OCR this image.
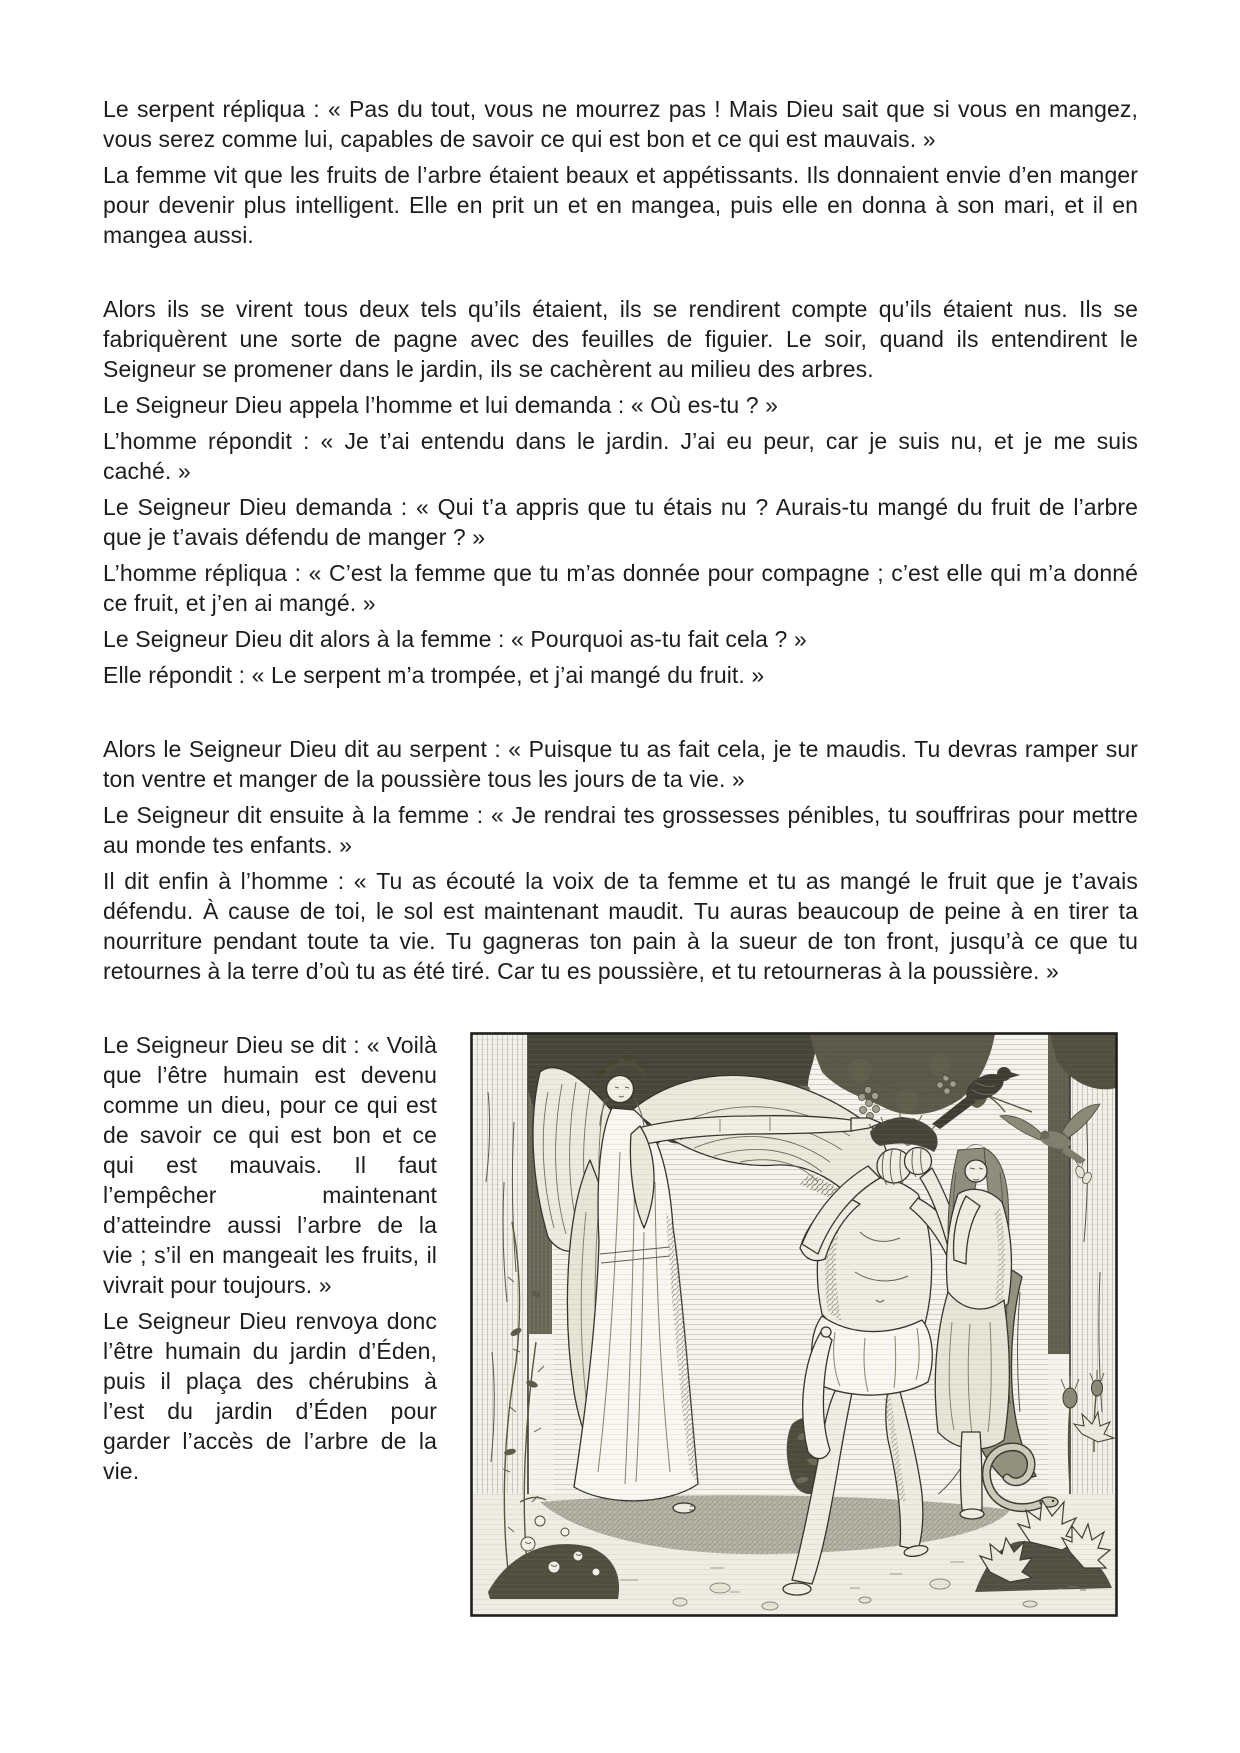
Le serpent répliqua : « Pas du tout, vous ne mourrez pas ! Mais Dieu sait que si vous en mangez, vous serez comme lui, capables de savoir ce qui est bon et ce qui est mauvais. »

La femme vit que les fruits de l’arbre étaient beaux et appétissants. Ils donnaient envie d’en manger pour devenir plus intelligent. Elle en prit un et en mangea, puis elle en donna à son mari, et il en mangea aussi.

Alors ils se virent tous deux tels qu’ils étaient, ils se rendirent compte qu’ils étaient nus. Ils se fabriquèrent une sorte de pagne avec des feuilles de figuier. Le soir, quand ils entendirent le Seigneur se promener dans le jardin, ils se cachèrent au milieu des arbres.

Le Seigneur Dieu appela l’homme et lui demanda : « Où es-tu ? »

L’homme répondit : « Je t’ai entendu dans le jardin. J’ai eu peur, car je suis nu, et je me suis caché. »

Le Seigneur Dieu demanda : « Qui t’a appris que tu étais nu ? Aurais-tu mangé du fruit de l’arbre que je t’avais défendu de manger ? »

L’homme répliqua : « C’est la femme que tu m’as donnée pour compagne ; c’est elle qui m’a donné ce fruit, et j’en ai mangé. »

Le Seigneur Dieu dit alors à la femme : « Pourquoi as-tu fait cela ? »

Elle répondit : « Le serpent m’a trompée, et j’ai mangé du fruit. »

Alors le Seigneur Dieu dit au serpent : « Puisque tu as fait cela, je te maudis. Tu devras ramper sur ton ventre et manger de la poussière tous les jours de ta vie. »

Le Seigneur dit ensuite à la femme : « Je rendrai tes grossesses pénibles, tu souffriras pour mettre au monde tes enfants. »

Il dit enfin à l’homme : « Tu as écouté la voix de ta femme et tu as mangé le fruit que je t’avais défendu. À cause de toi, le sol est maintenant maudit. Tu auras beaucoup de peine à en tirer ta nourriture pendant toute ta vie. Tu gagneras ton pain à la sueur de ton front, jusqu’à ce que tu retournes à la terre d’où tu as été tiré. Car tu es poussière, et tu retourneras à la poussière. »

Le Seigneur Dieu se dit : « Voilà que l’être humain est devenu comme un dieu, pour ce qui est de savoir ce qui est bon et ce qui est mauvais. Il faut l’empêcher maintenant d’atteindre aussi l’arbre de la vie ; s’il en mangeait les fruits, il vivrait pour toujours. »

Le Seigneur Dieu renvoya donc l’être humain du jardin d’Éden, puis il plaça des chérubins à l’est du jardin d’Éden pour garder l’accès de l’arbre de la vie.
